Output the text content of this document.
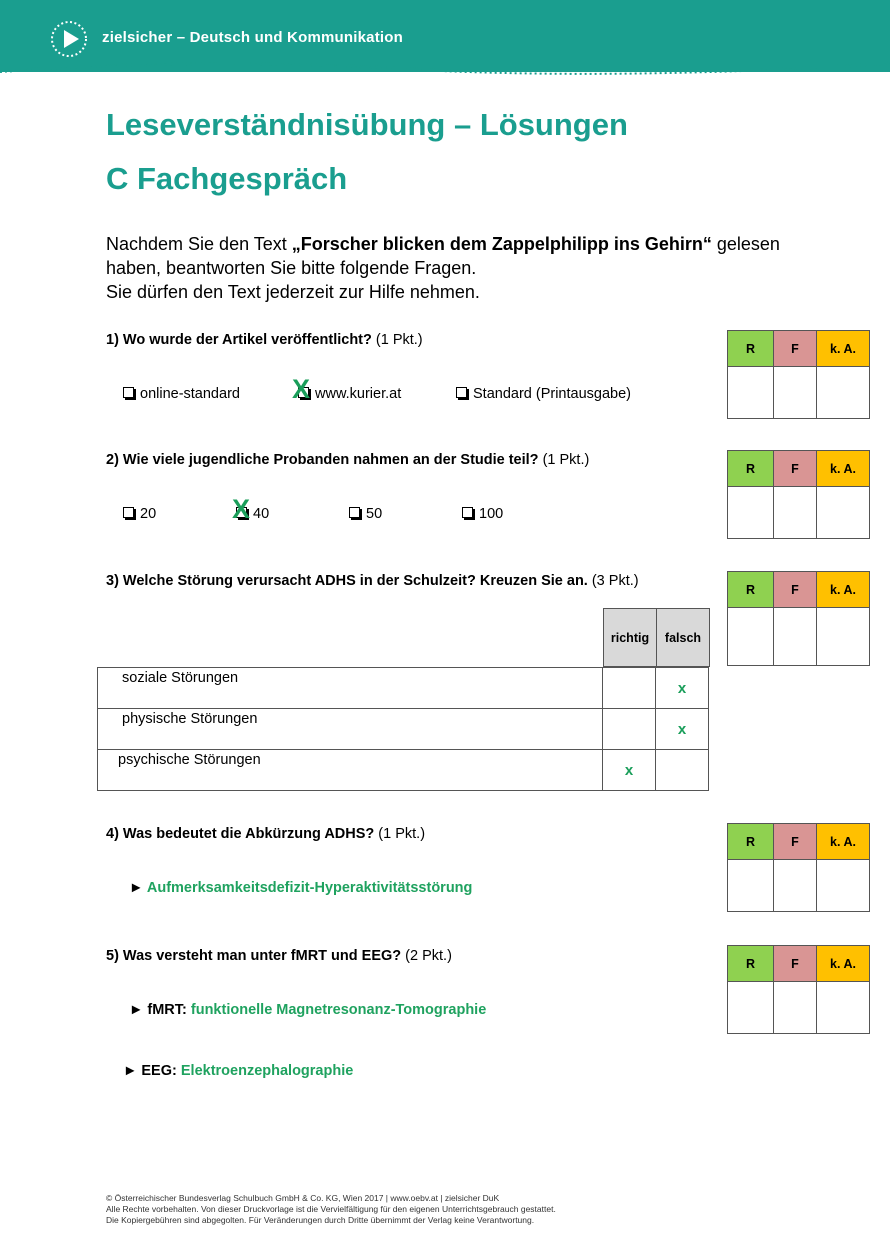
zielsicher – Deutsch und Kommunikation
Leseverständnisübung – Lösungen
C Fachgespräch
Nachdem Sie den Text „Forscher blicken dem Zappelphilipp ins Gehirn“ gelesen
haben, beantworten Sie bitte folgende Fragen.
Sie dürfen den Text jederzeit zur Hilfe nehmen.
1) Wo wurde der Artikel veröffentlicht? (1 Pkt.)
online-standard	www.kurier.at
X	Standard (Printausgabe)
R	F	k. A.

2) Wie viele jugendliche Probanden nahmen an der Studie teil? (1 Pkt.)
20	40
X	50	100
R	F	k. A.

3) Welche Störung verursacht ADHS in der Schulzeit? Kreuzen Sie an. (3 Pkt.)
R	F	k. A.

richtig	falsch
soziale Störungen		x
physische Störungen		x
psychische Störungen	x	
4) Was bedeutet die Abkürzung ADHS? (1 Pkt.)
► Aufmerksamkeitsdefizit-Hyperaktivitätsstörung
R	F	k. A.

5) Was versteht man unter fMRT und EEG? (2 Pkt.)
► fMRT: funktionelle Magnetresonanz-Tomographie
► EEG: Elektroenzephalographie
R	F	k. A.

© Österreichischer Bundesverlag Schulbuch GmbH & Co. KG, Wien 2017 | www.oebv.at | zielsicher DuK
Alle Rechte vorbehalten. Von dieser Druckvorlage ist die Vervielfältigung für den eigenen Unterrichtsgebrauch gestattet.
Die Kopiergebühren sind abgegolten. Für Veränderungen durch Dritte übernimmt der Verlag keine Verantwortung.
